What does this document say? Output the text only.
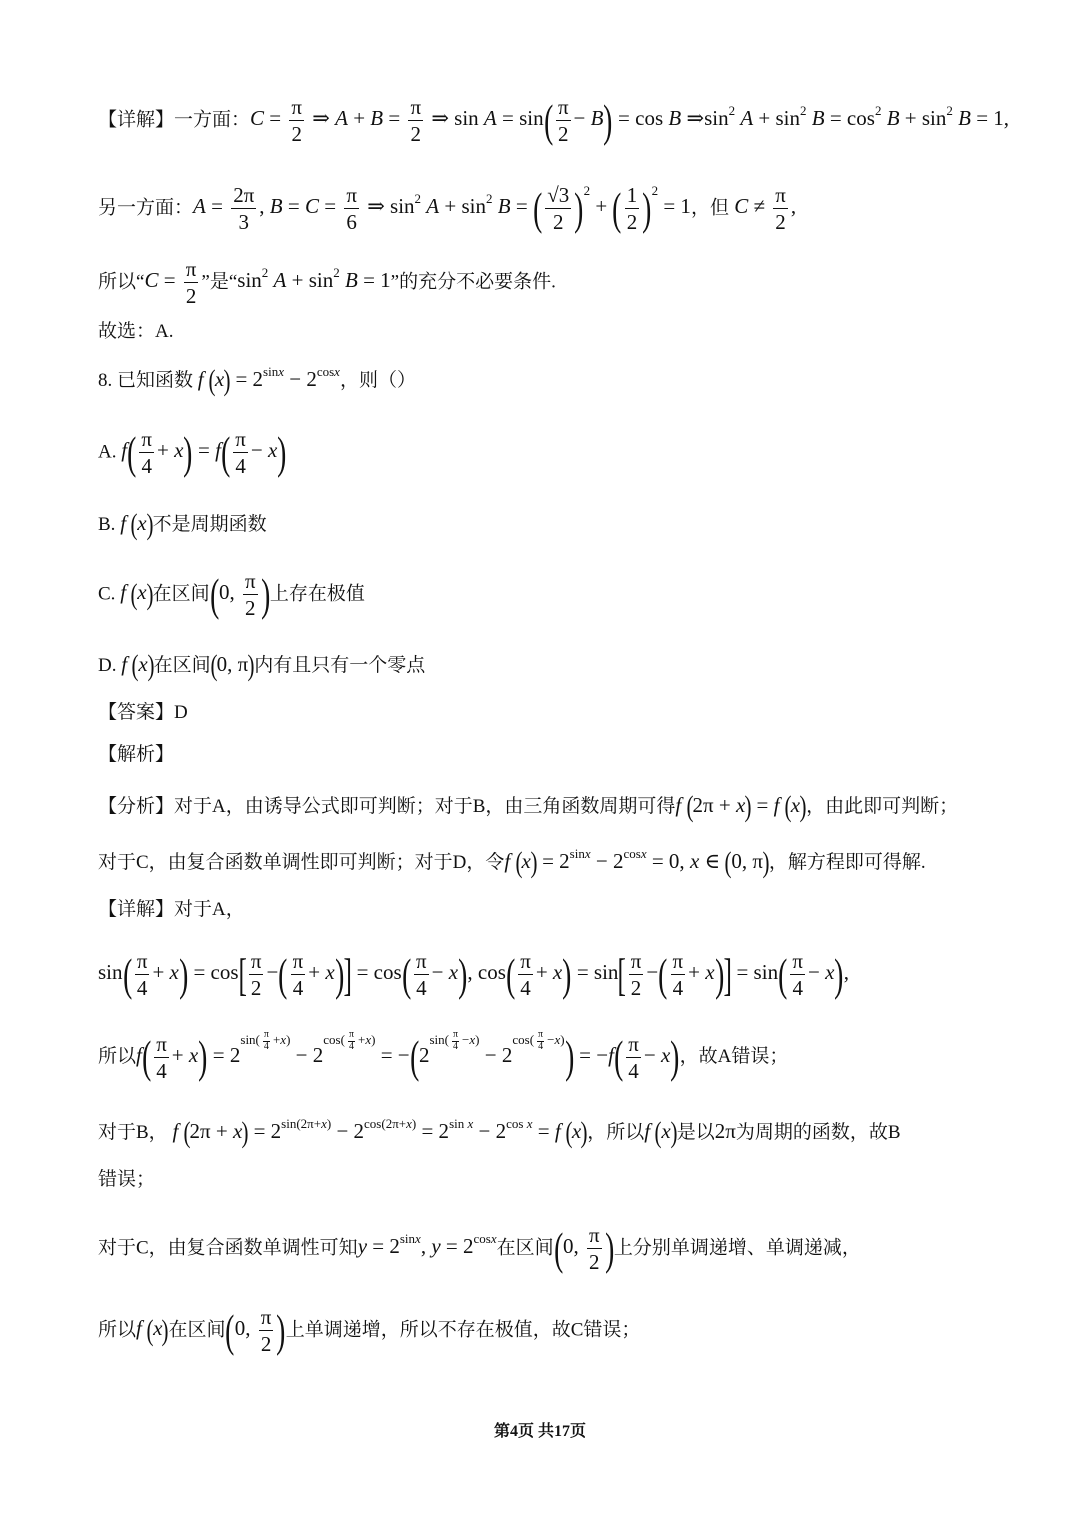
【详解】一方面：$C = \frac{\pi}{2}$ ⇒ $A + B = \frac{\pi}{2}$ ⇒ $\sin A = \sin( \frac{\pi}{2} - B) = \cos B$ $\Rightarrow\sin^2$ $A + \sin^2 B = \cos^2 B + \sin^2 B = 1$,
另一方面：$A = \frac{2\pi}{3}$ , $B = C = \frac{\pi}{6}$ ⇒ $\sin^2 A + \sin^2 B$ = ( $\frac{√3}{2} )^2$ + ( $\frac{1}{2} )^2 = 1$，但 $C \ne \frac{\pi}{2}$ ,
所以“$C = \frac{\pi}{2}$ ”是“$\sin^2$ $A + \sin^2 B = 1$”的充分不必要条件.
故选：A.
8. 已知函数 f $(x) = 2^{sinx} - 2^{cosx}$，则（）
A. $f( \frac{\pi}{4} + x) = f( \frac{\pi}{4} - x)$
B. f (x)不是周期函数
C. f (x)在区间(0, $\frac{\pi}{2}$ )上存在极值
D. f (x)在区间(0, π)内有且只有一个零点
【答案】D
【解析】
【分析】对于A，由诱导公式即可判断；对于B，由三角函数周期可得f (2π + x) = f (x)，由此即可判断；
对于C，由复合函数单调性即可判断；对于D，令f $(x) = 2^{sinx} - 2^{cosx} = 0$, x ∈ (0, π)，解方程即可得解.
【详解】对于A，
$\sin( \frac{\pi}{4} + x) = \cos[ \frac{\pi}{2}$ −( $\frac{\pi}{4} + x)] = \cos( \frac{\pi}{4} - x)$, $\cos( \frac{\pi}{4} + x) = \sin[ \frac{\pi}{2}$ −( $\frac{\pi}{4} + x)] = \sin( \frac{\pi}{4} - x)$,
所以$f( \frac{\pi}{4} + x) = 2^{sin( \frac{\pi}{4} +x)} - 2^{cos( \frac{\pi}{4} +x)} = -(2^{sin( \frac{\pi}{4} -x)} - 2^{cos( \frac{\pi}{4} -x)}) = -f( \frac{\pi}{4} - x)$，故A错误；
对于B， f $(2\pi + x) = 2^{sin(2\pi+x)} - 2^{cos(2\pi+x)} = 2^{sin x} - 2^{cos x} = f$ (x)，所以f (x)是以2π为周期的函数，故B
错误；
对于C，由复合函数单调性可知$y = 2^{sinx}$, $y = 2^{cosx}$在区间(0, $\frac{\pi}{2}$ )上分别单调递增、单调递减，
所以f (x)在区间(0, $\frac{\pi}{2}$ )上单调递增，所以不存在极值，故C错误；
第4页 共17页
